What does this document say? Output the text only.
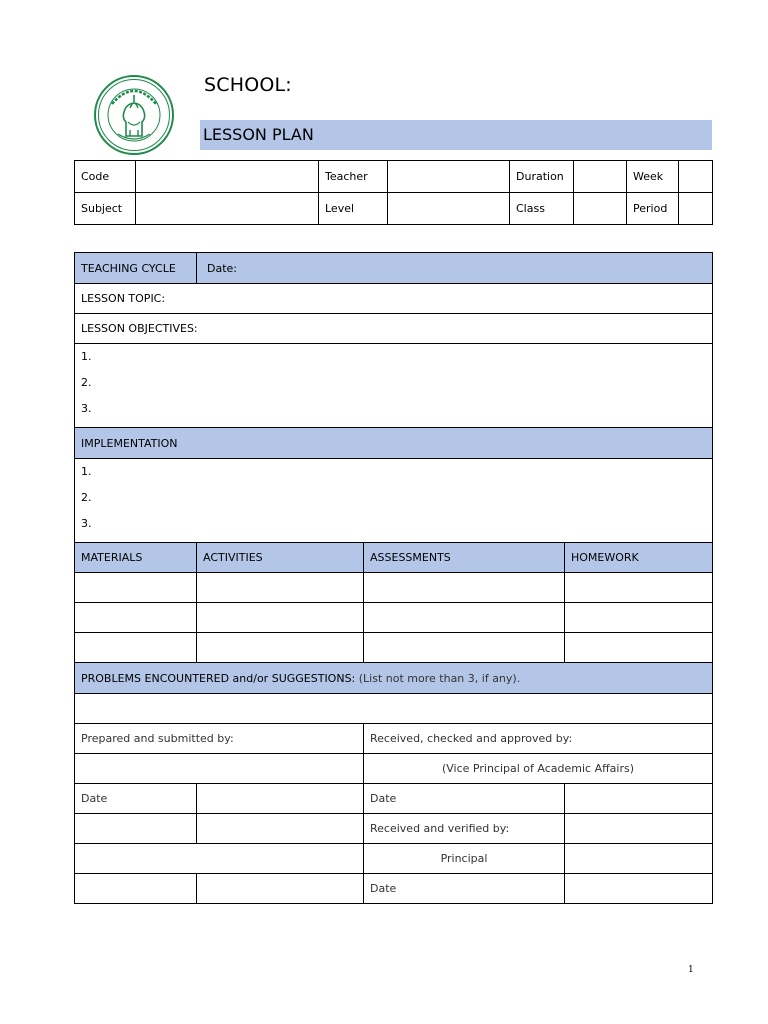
SCHOOL:
LESSON PLAN
Code		Teacher		Duration		Week	
Subject		Level		Class		Period	
TEACHING CYCLE	Date:		
LESSON TOPIC:			
LESSON OBJECTIVES:			

1.
2.
3.			

IMPLEMENTATION			

1.
2.
3.			

MATERIALS	ACTIVITIES	ASSESSMENTS	HOMEWORK

PROBLEMS ENCOUNTERED and/or SUGGESTIONS: (List not more than 3, if any).			

Prepared and submitted by:		Received, checked and approved by:	
		(Vice Principal of Academic Affairs)	
Date		Date	
		Received and verified by:	
		Principal	
		Date	
1
